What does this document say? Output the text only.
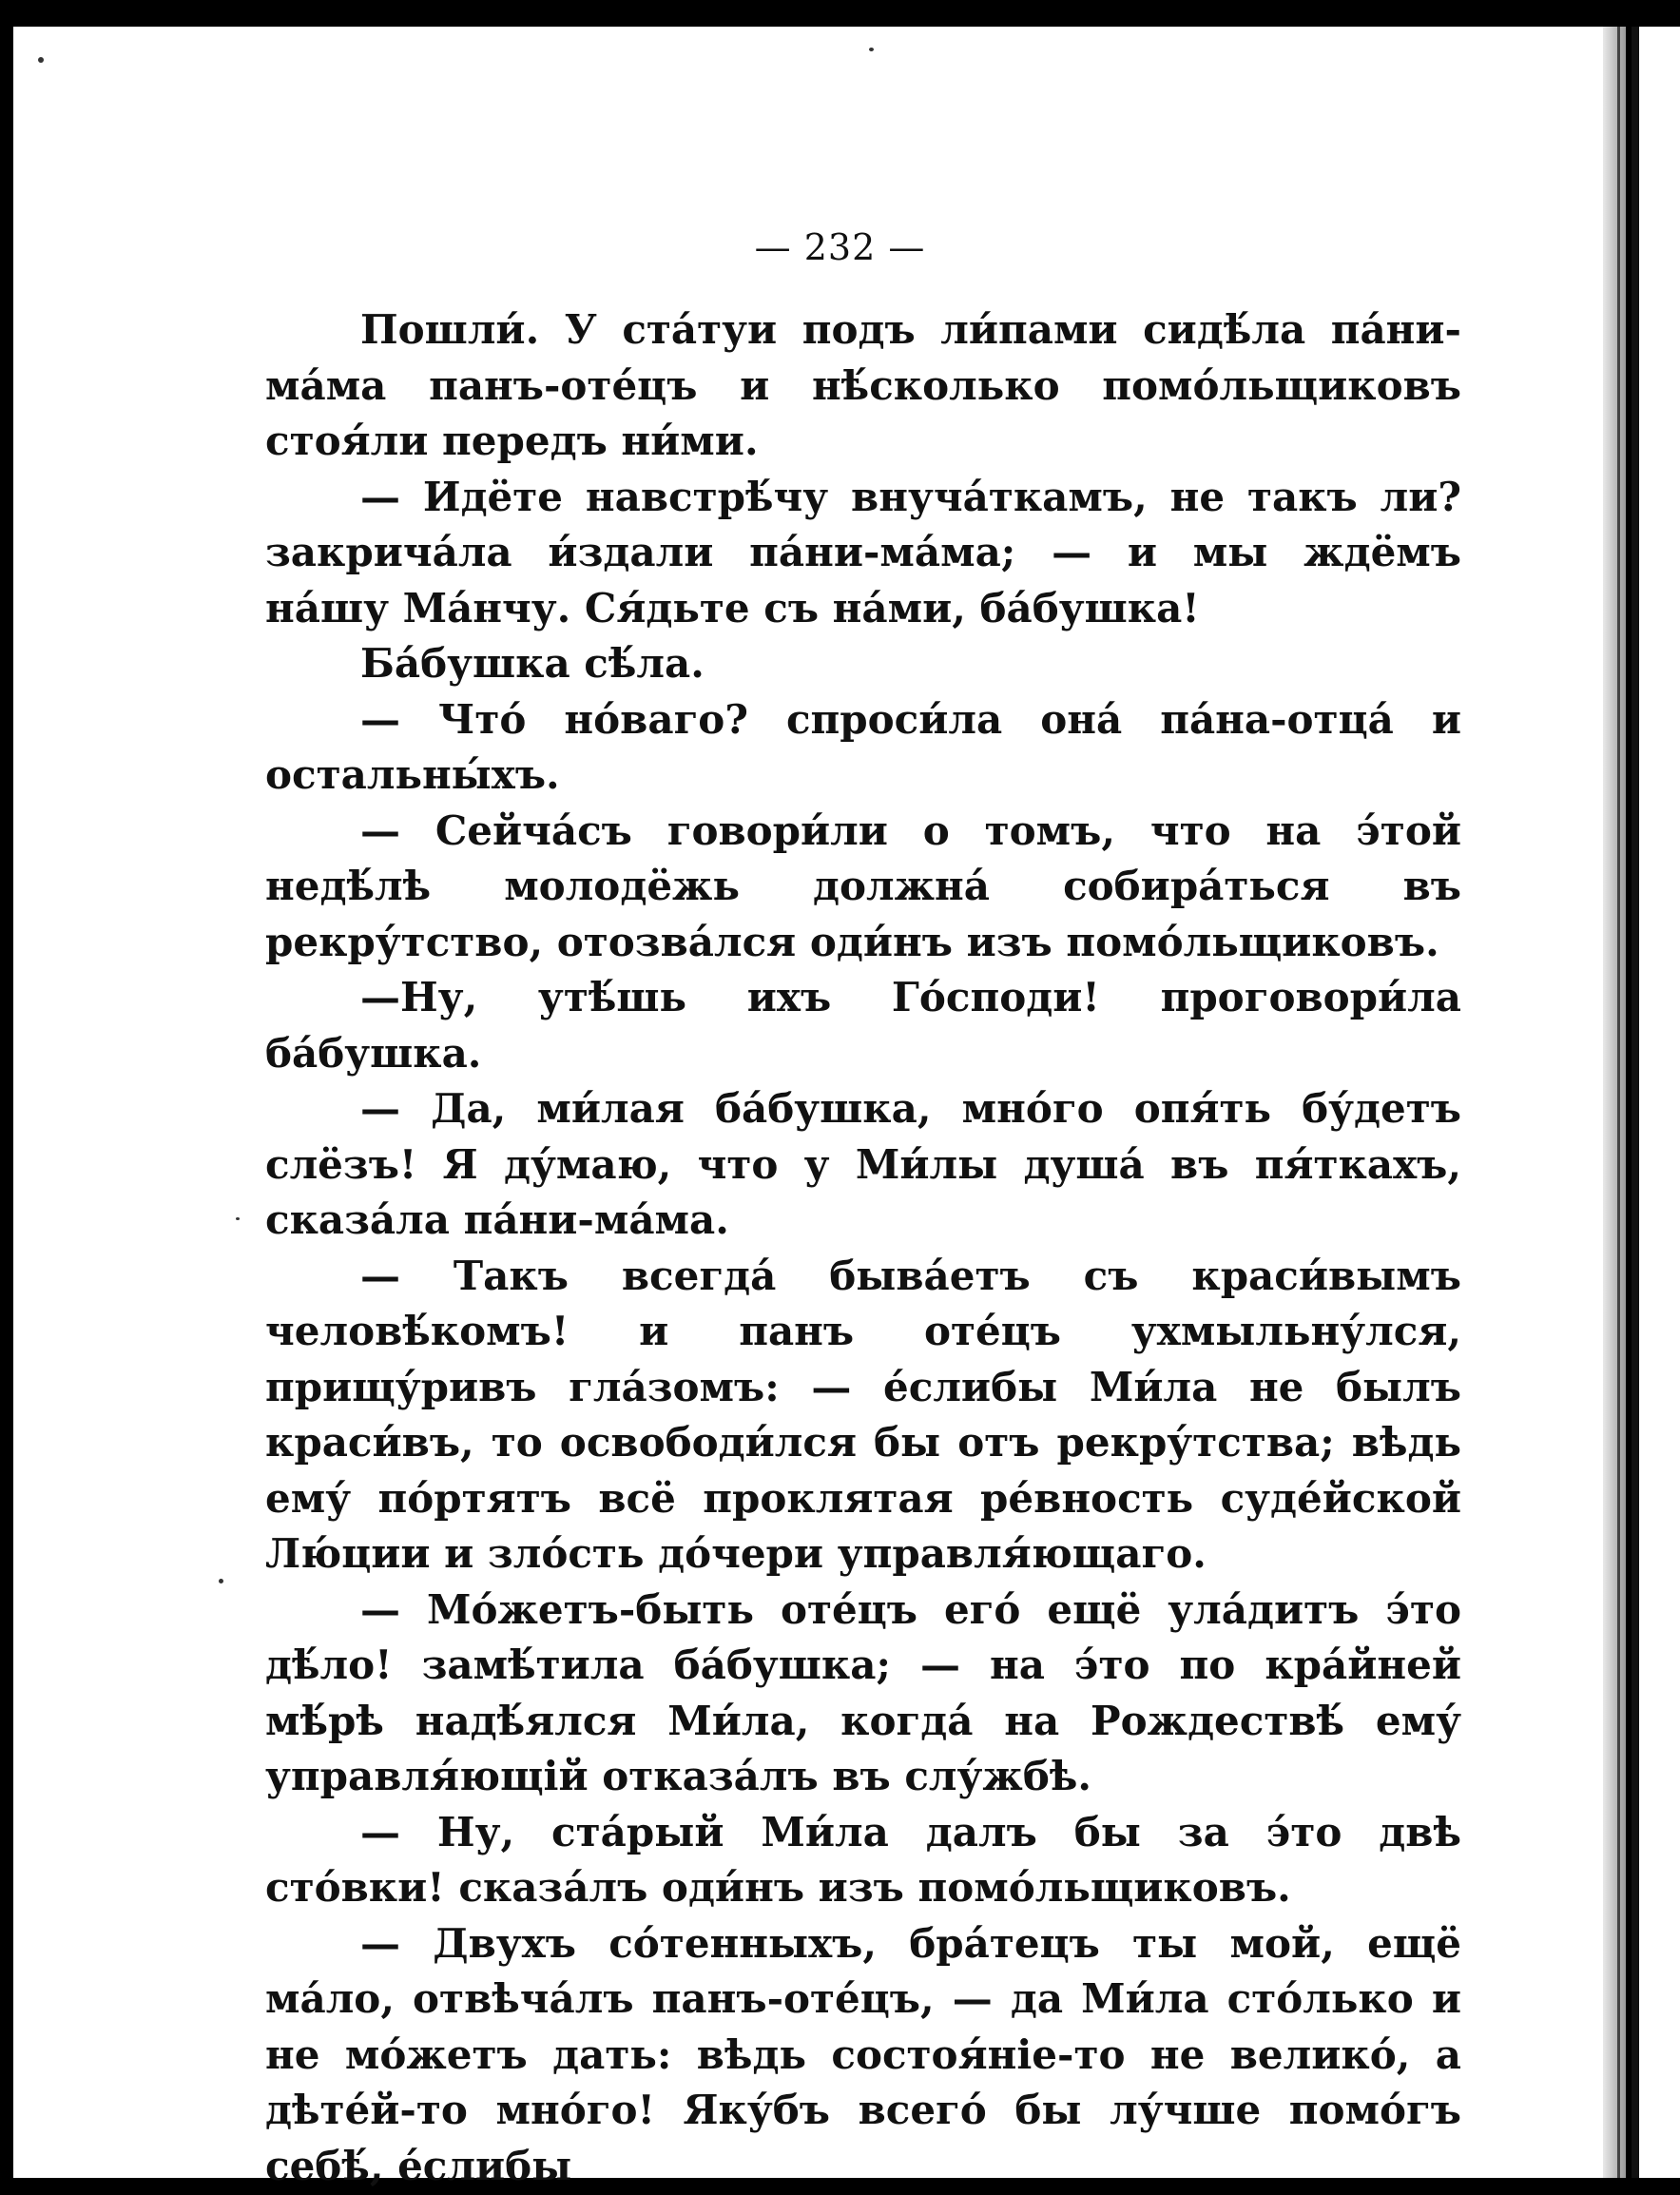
— 232 —

Пошли́. У ста́туи подъ ли́пами сидѣ́ла па́ни-ма́ма панъ-оте́цъ и нѣ́сколько помо́льщиковъ стоя́ли передъ ни́ми.

— Идёте навстрѣ́чу внуча́ткамъ, не такъ ли? закрича́ла и́здали па́ни-ма́ма; — и мы ждёмъ на́шу Ма́нчу. Ся́дьте съ на́ми, ба́бушка!

Ба́бушка сѣ́ла.

— Что́ но́ваго? спроси́ла она́ па́на-отца́ и остальны́хъ.

— Сейча́съ говори́ли о томъ, что на э́той недѣ́лѣ молодёжь должна́ собира́ться въ рекру́тство, отозва́лся оди́нъ изъ помо́льщиковъ.

—Ну, утѣ́шь ихъ Го́споди! проговори́ла ба́бушка.

— Да, ми́лая ба́бушка, мно́го опя́ть бу́детъ слёзъ! Я ду́маю, что у Ми́лы душа́ въ пя́ткахъ, сказа́ла па́ни-ма́ма.

— Такъ всегда́ быва́етъ съ краси́вымъ человѣ́комъ! и панъ оте́цъ ухмыльну́лся, прищу́ривъ гла́зомъ: — е́слибы Ми́ла не былъ краси́въ, то освободи́лся бы отъ рекру́тства; вѣдь ему́ по́ртятъ всё проклятая ре́вность суде́йской Лю́ции и зло́сть до́чери управля́ющаго.

— Мо́жетъ-быть оте́цъ его́ ещё ула́дитъ э́то дѣ́ло! замѣ́тила ба́бушка; — на э́то по кра́йней мѣ́рѣ надѣ́ялся Ми́ла, когда́ на Рождествѣ́ ему́ управля́ющій отказа́лъ въ слу́жбѣ.

— Ну, ста́рый Ми́ла далъ бы за э́то двѣ сто́вки! сказа́лъ оди́нъ изъ помо́льщиковъ.

— Двухъ со́тенныхъ, бра́тецъ ты мой, ещё ма́ло, отвѣча́лъ панъ-оте́цъ, — да Ми́ла сто́лько и не мо́жетъ дать: вѣдь состоя́ніе-то не велико́, а дѣте́й-то мно́го! Яку́бъ всего́ бы лу́чше помо́гъ себѣ́, е́слибы
